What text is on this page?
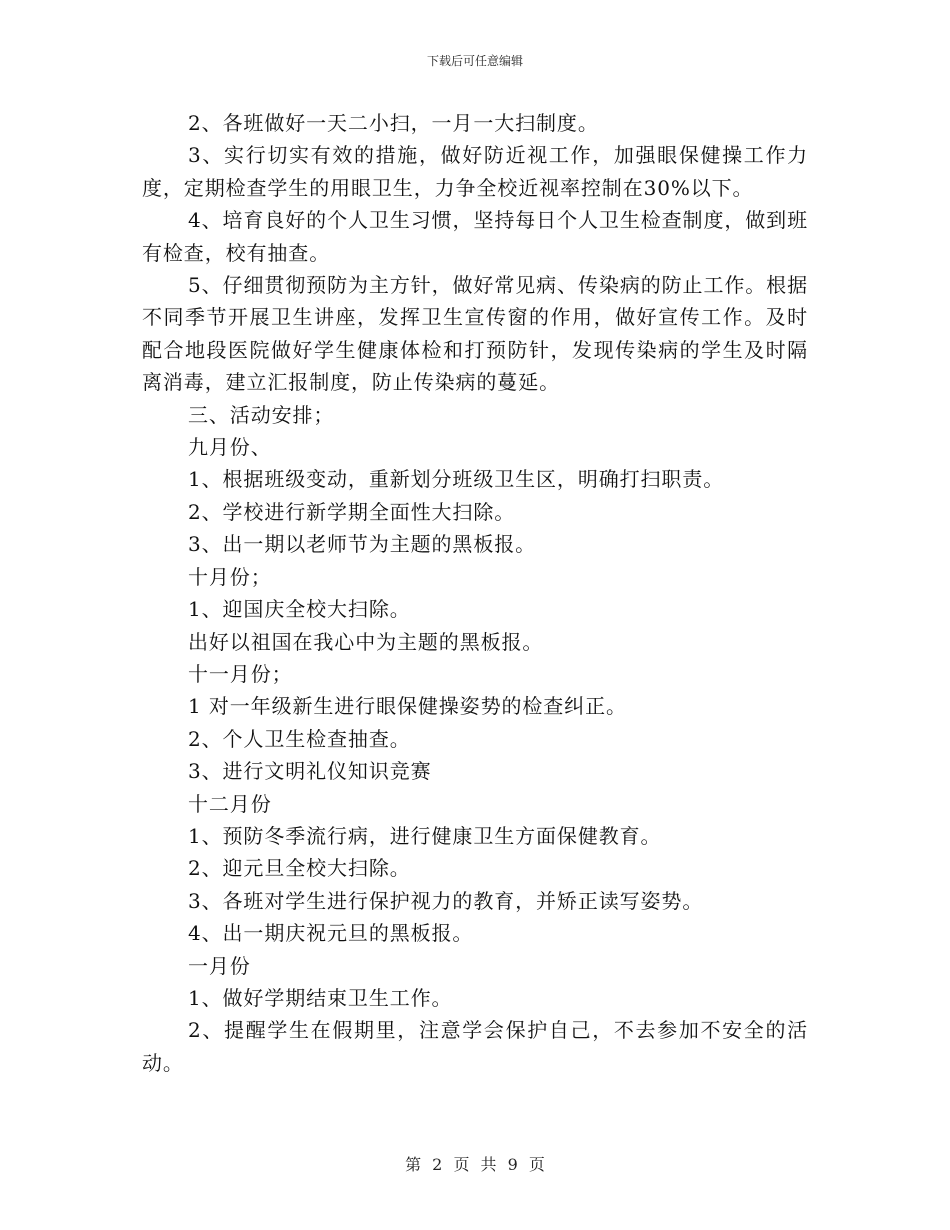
下载后可任意编辑

2、各班做好一天二小扫，一月一大扫制度。

3、实行切实有效的措施，做好防近视工作，加强眼保健操工作力度，定期检查学生的用眼卫生，力争全校近视率控制在30%以下。

4、培育良好的个人卫生习惯，坚持每日个人卫生检查制度，做到班有检查，校有抽查。

5、仔细贯彻预防为主方针，做好常见病、传染病的防止工作。根据不同季节开展卫生讲座，发挥卫生宣传窗的作用，做好宣传工作。及时配合地段医院做好学生健康体检和打预防针，发现传染病的学生及时隔离消毒，建立汇报制度，防止传染病的蔓延。

三、活动安排；

九月份、

1、根据班级变动，重新划分班级卫生区，明确打扫职责。

2、学校进行新学期全面性大扫除。

3、出一期以老师节为主题的黑板报。

十月份；

1、迎国庆全校大扫除。

出好以祖国在我心中为主题的黑板报。

十一月份；

1 对一年级新生进行眼保健操姿势的检查纠正。

2、个人卫生检查抽查。

3、进行文明礼仪知识竞赛

十二月份

1、预防冬季流行病，进行健康卫生方面保健教育。

2、迎元旦全校大扫除。

3、各班对学生进行保护视力的教育，并矫正读写姿势。

4、出一期庆祝元旦的黑板报。

一月份

1、做好学期结束卫生工作。

2、提醒学生在假期里，注意学会保护自己，不去参加不安全的活动。

第 2 页 共 9 页
